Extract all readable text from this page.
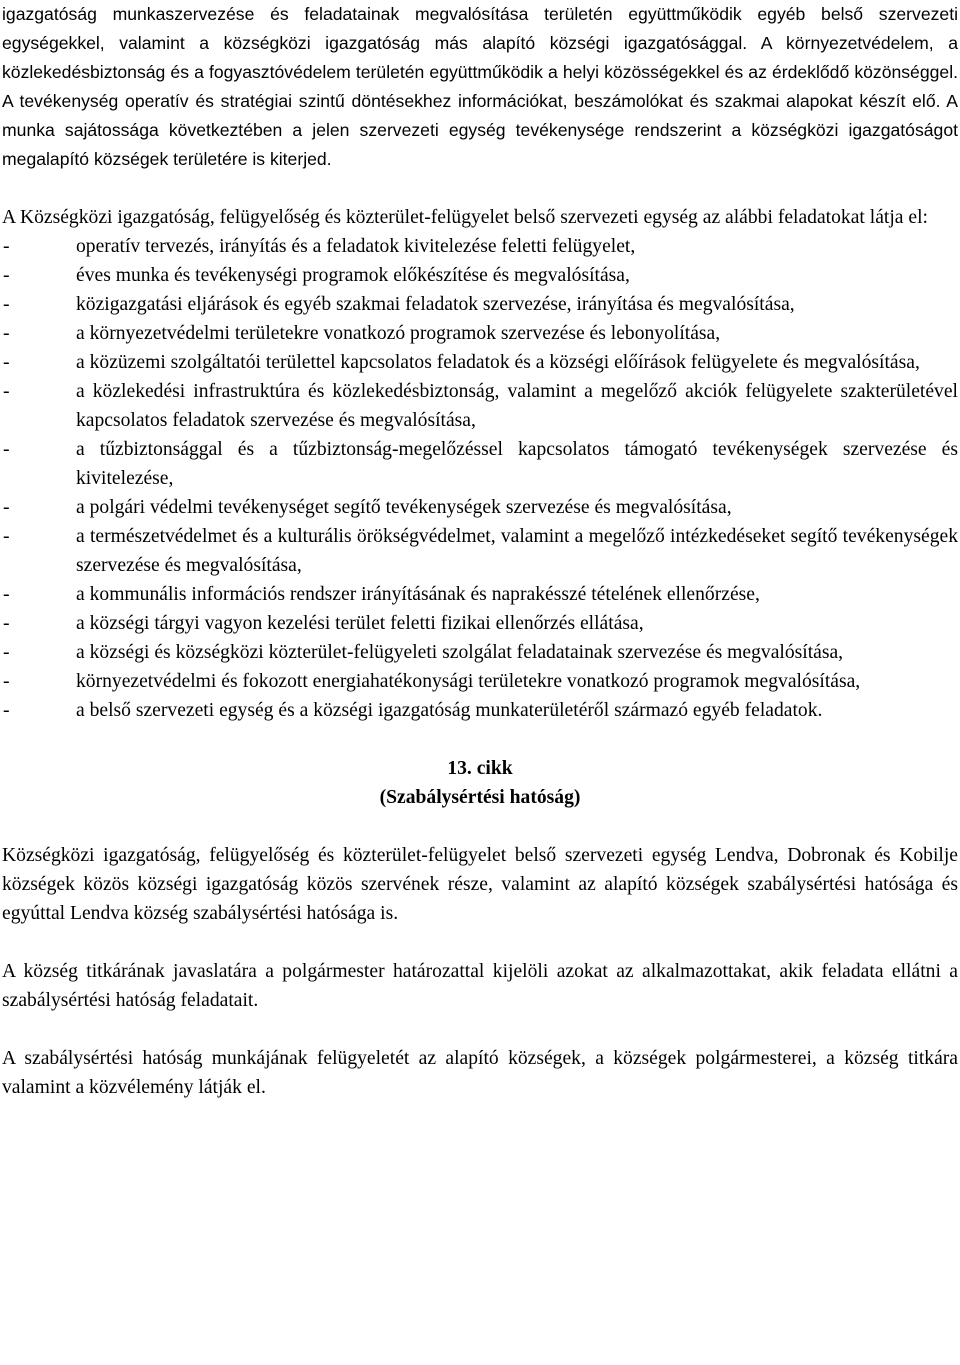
igazgatóság munkaszervezése és feladatainak megvalósítása területén együttműködik egyéb belső szervezeti egységekkel, valamint a községközi igazgatóság más alapító községi igazgatósággal. A környezetvédelem, a közlekedésbiztonság és a fogyasztóvédelem területén együttműködik a helyi közösségekkel és az érdeklődő közönséggel. A tevékenység operatív és stratégiai szintű döntésekhez információkat, beszámolókat és szakmai alapokat készít elő. A munka sajátossága következtében a jelen szervezeti egység tevékenysége rendszerint a községközi igazgatóságot megalapító községek területére is kiterjed.

A Községközi igazgatóság, felügyelőség és közterület-felügyelet belső szervezeti egység az alábbi feladatokat látja el:

-	operatív tervezés, irányítás és a feladatok kivitelezése feletti felügyelet,
-	éves munka és tevékenységi programok előkészítése és megvalósítása,
-	közigazgatási eljárások és egyéb szakmai feladatok szervezése, irányítása és megvalósítása,
-	a környezetvédelmi területekre vonatkozó programok szervezése és lebonyolítása,
-	a közüzemi szolgáltatói területtel kapcsolatos feladatok és a községi előírások felügyelete és megvalósítása,
-	a közlekedési infrastruktúra és közlekedésbiztonság, valamint a megelőző akciók felügyelete szakterületével kapcsolatos feladatok szervezése és megvalósítása,
-	a tűzbiztonsággal és a tűzbiztonság-megelőzéssel kapcsolatos támogató tevékenységek szervezése és kivitelezése,
-	a polgári védelmi tevékenységet segítő tevékenységek szervezése és megvalósítása,
-	a természetvédelmet és a kulturális örökségvédelmet, valamint a megelőző intézkedéseket segítő tevékenységek szervezése és megvalósítása,
-	a kommunális információs rendszer irányításának és naprakésszé tételének ellenőrzése,
-	a községi tárgyi vagyon kezelési terület feletti fizikai ellenőrzés ellátása,
-	a községi és községközi közterület-felügyeleti szolgálat feladatainak szervezése és megvalósítása,
-	környezetvédelmi és fokozott energiahatékonysági területekre vonatkozó programok megvalósítása,
-	a belső szervezeti egység és a községi igazgatóság munkaterületéről származó egyéb feladatok.

13. cikk

(Szabálysértési hatóság)

Községközi igazgatóság, felügyelőség és közterület-felügyelet belső szervezeti egység Lendva, Dobronak és Kobilje községek közös községi igazgatóság közös szervének része, valamint az alapító községek szabálysértési hatósága és egyúttal Lendva község szabálysértési hatósága is.

A község titkárának javaslatára a polgármester határozattal kijelöli azokat az alkalmazottakat, akik feladata ellátni a szabálysértési hatóság feladatait.

A szabálysértési hatóság munkájának felügyeletét az alapító községek, a községek polgármesterei, a község titkára valamint a közvélemény látják el.
